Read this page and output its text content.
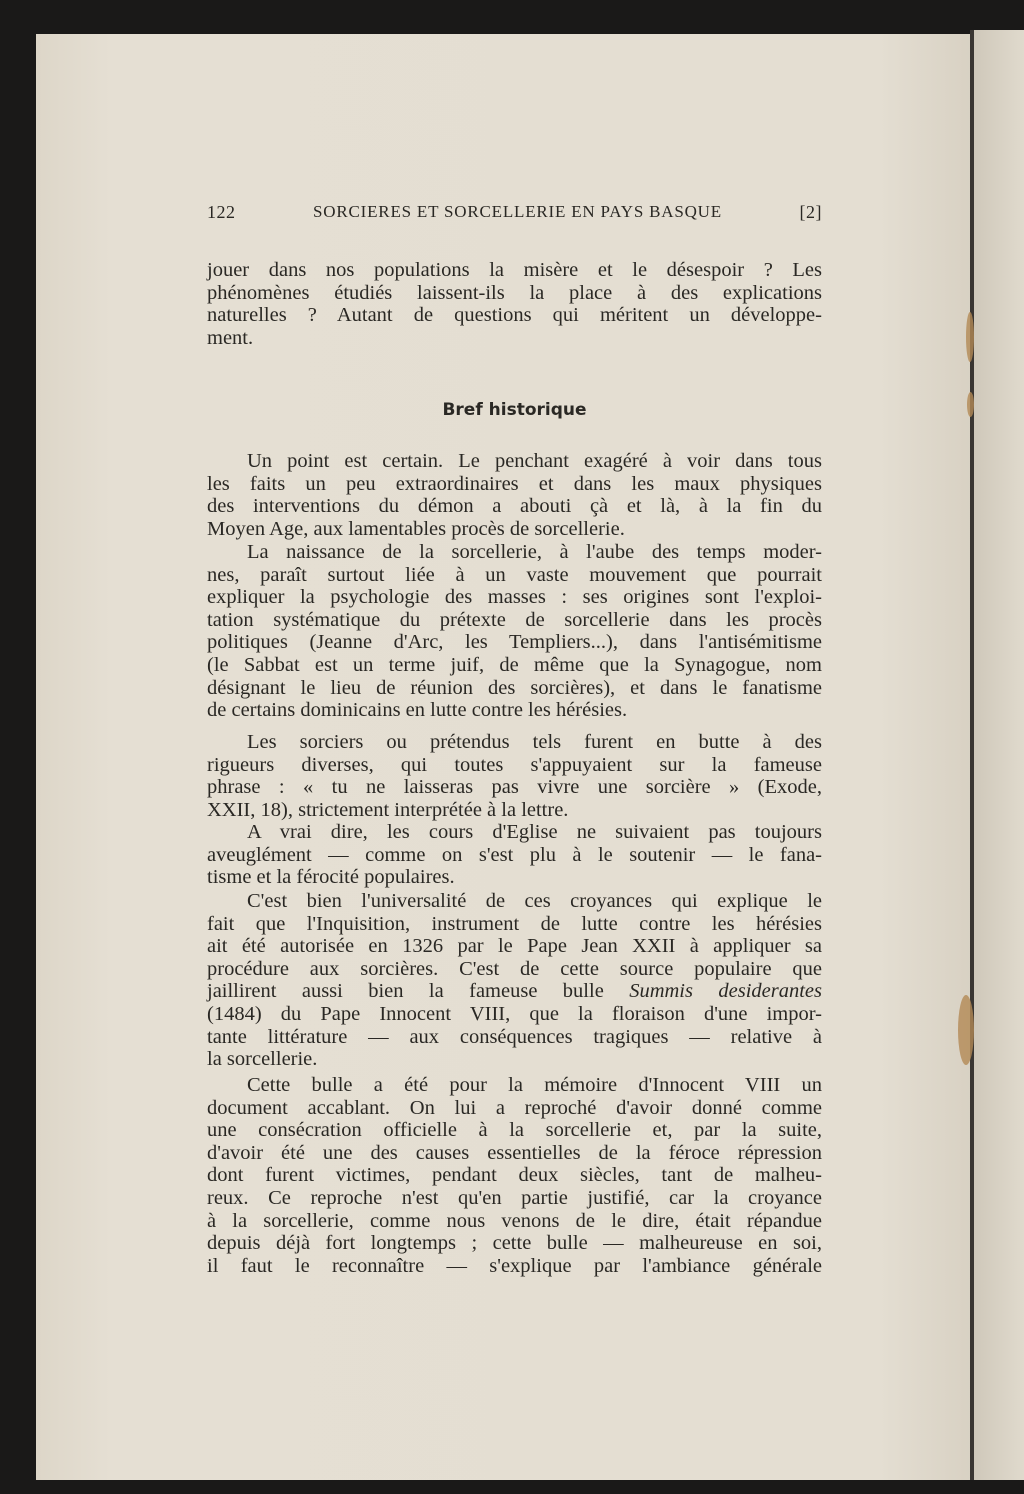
122	SORCIERES ET SORCELLERIE EN PAYS BASQUE	[2]
Bref historique
jouer dans nos populations la misère et le désespoir ? Les
phénomènes étudiés laissent-ils la place à des explications
naturelles ? Autant de questions qui méritent un développe-
ment.
Un point est certain. Le penchant exagéré à voir dans tous
les faits un peu extraordinaires et dans les maux physiques
des interventions du démon a abouti çà et là, à la fin du
Moyen Age, aux lamentables procès de sorcellerie.
La naissance de la sorcellerie, à l'aube des temps moder-
nes, paraît surtout liée à un vaste mouvement que pourrait
expliquer la psychologie des masses : ses origines sont l'exploi-
tation systématique du prétexte de sorcellerie dans les procès
politiques (Jeanne d'Arc, les Templiers...), dans l'antisémitisme
(le Sabbat est un terme juif, de même que la Synagogue, nom
désignant le lieu de réunion des sorcières), et dans le fanatisme
de certains dominicains en lutte contre les hérésies.
Les sorciers ou prétendus tels furent en butte à des
rigueurs diverses, qui toutes s'appuyaient sur la fameuse
phrase : « tu ne laisseras pas vivre une sorcière » (Exode,
XXII, 18), strictement interprétée à la lettre.
A vrai dire, les cours d'Eglise ne suivaient pas toujours
aveuglément — comme on s'est plu à le soutenir — le fana-
tisme et la férocité populaires.
C'est bien l'universalité de ces croyances qui explique le
fait que l'Inquisition, instrument de lutte contre les hérésies
ait été autorisée en 1326 par le Pape Jean XXII à appliquer sa
procédure aux sorcières. C'est de cette source populaire que
jaillirent aussi bien la fameuse bulle Summis desiderantes
(1484) du Pape Innocent VIII, que la floraison d'une impor-
tante littérature — aux conséquences tragiques — relative à
la sorcellerie.
Cette bulle a été pour la mémoire d'Innocent VIII un
document accablant. On lui a reproché d'avoir donné comme
une consécration officielle à la sorcellerie et, par la suite,
d'avoir été une des causes essentielles de la féroce répression
dont furent victimes, pendant deux siècles, tant de malheu-
reux. Ce reproche n'est qu'en partie justifié, car la croyance
à la sorcellerie, comme nous venons de le dire, était répandue
depuis déjà fort longtemps ; cette bulle — malheureuse en soi,
il faut le reconnaître — s'explique par l'ambiance générale
